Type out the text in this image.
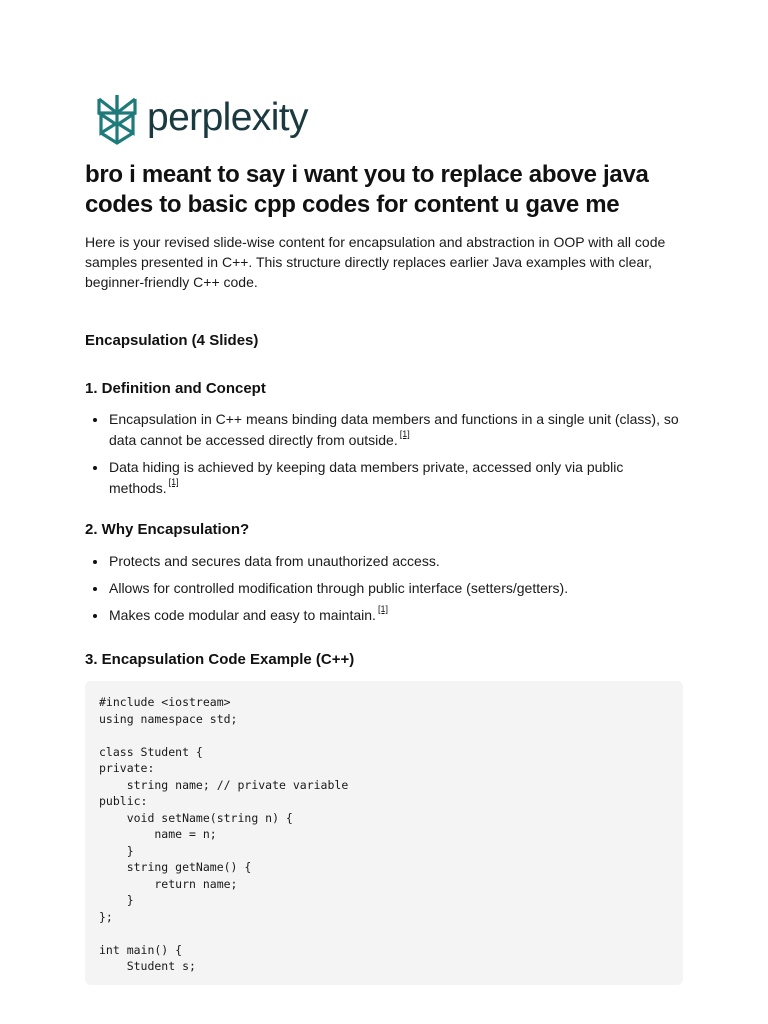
perplexity
bro i meant to say i want you to replace above java codes to basic cpp codes for content u gave me

Here is your revised slide-wise content for encapsulation and abstraction in OOP with all code samples presented in C++. This structure directly replaces earlier Java examples with clear, beginner-friendly C++ code.

Encapsulation (4 Slides)
1. Definition and Concept
Encapsulation in C++ means binding data members and functions in a single unit (class), so data cannot be accessed directly from outside. [1]
Data hiding is achieved by keeping data members private, accessed only via public methods. [1]
2. Why Encapsulation?
Protects and secures data from unauthorized access.
Allows for controlled modification through public interface (setters/getters).
Makes code modular and easy to maintain. [1]
3. Encapsulation Code Example (C++)
#include <iostream>
using namespace std;

class Student {
private:
string name; // private variable
public:
void setName(string n) {
name = n;
}
string getName() {
return name;
}
};

int main() {
Student s;
